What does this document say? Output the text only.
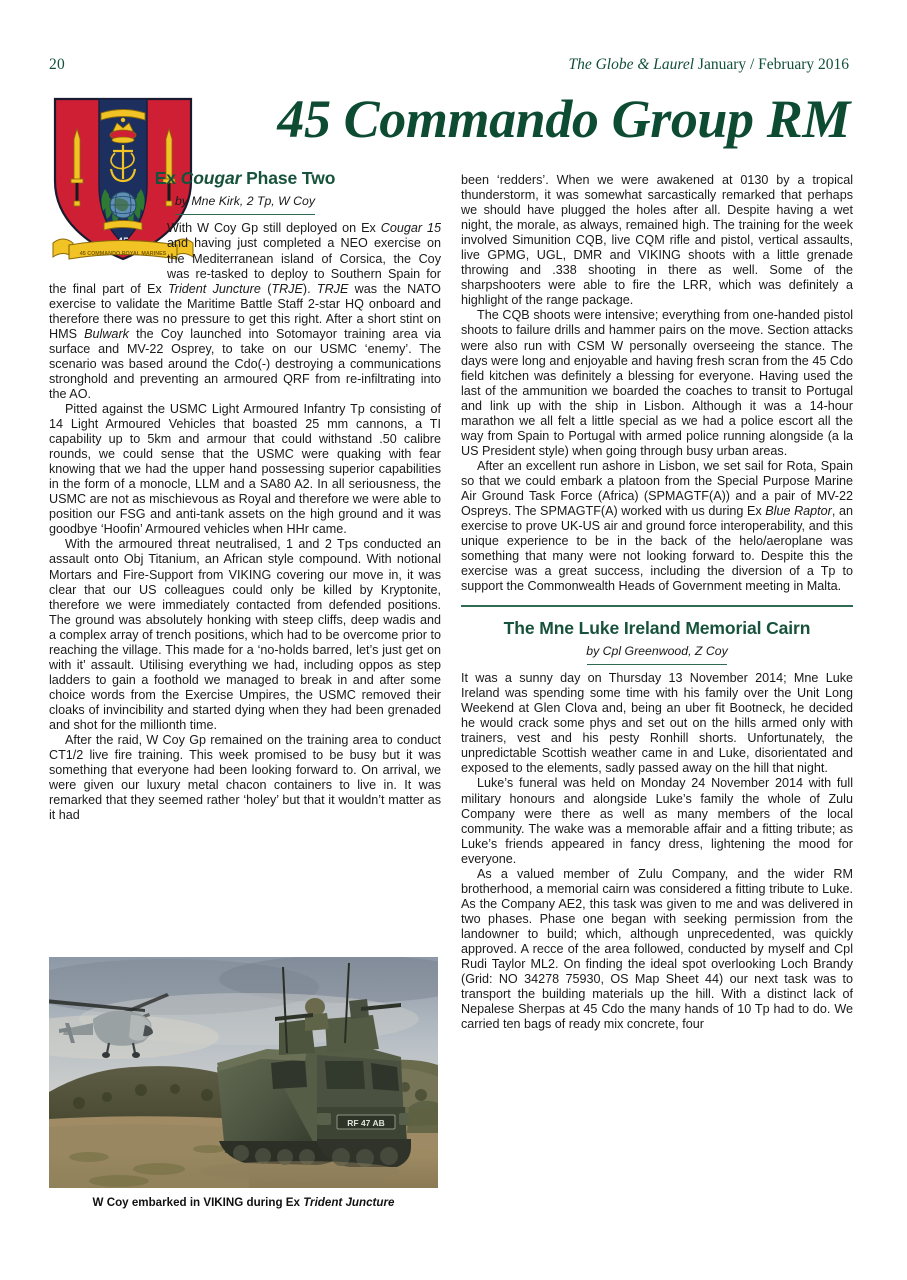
20	The Globe & Laurel January / February 2016
45 COMMANDO ROYAL MARINES
45 Commando Group RM
Ex Cougar Phase Two
by Mne Kirk, 2 Tp, W Coy

With W Coy Gp still deployed on Ex Cougar 15 and having just completed a NEO exercise on the Mediterranean island of Corsica, the Coy was re-tasked to deploy to Southern Spain for the final part of Ex Trident Juncture (TRJE). TRJE was the NATO exercise to validate the Maritime Battle Staff 2-star HQ onboard and therefore there was no pressure to get this right. After a short stint on HMS Bulwark the Coy launched into Sotomayor training area via surface and MV-22 Osprey, to take on our USMC ‘enemy’. The scenario was based around the Cdo(-) destroying a communications stronghold and preventing an armoured QRF from re-infiltrating into the AO.

Pitted against the USMC Light Armoured Infantry Tp consisting of 14 Light Armoured Vehicles that boasted 25 mm cannons, a TI capability up to 5km and armour that could withstand .50 calibre rounds, we could sense that the USMC were quaking with fear knowing that we had the upper hand possessing superior capabilities in the form of a monocle, LLM and a SA80 A2. In all seriousness, the USMC are not as mischievous as Royal and therefore we were able to position our FSG and anti-tank assets on the high ground and it was goodbye ‘Hoofin’ Armoured vehicles when HHr came.

With the armoured threat neutralised, 1 and 2 Tps conducted an assault onto Obj Titanium, an African style compound. With notional Mortars and Fire-Support from VIKING covering our move in, it was clear that our US colleagues could only be killed by Kryptonite, therefore we were immediately contacted from defended positions. The ground was absolutely honking with steep cliffs, deep wadis and a complex array of trench positions, which had to be overcome prior to reaching the village. This made for a ‘no-holds barred, let’s just get on with it’ assault. Utilising everything we had, including oppos as step ladders to gain a foothold we managed to break in and after some choice words from the Exercise Umpires, the USMC removed their cloaks of invincibility and started dying when they had been grenaded and shot for the millionth time.

After the raid, W Coy Gp remained on the training area to conduct CT1/2 live fire training. This week promised to be busy but it was something that everyone had been looking forward to. On arrival, we were given our luxury metal chacon containers to live in. It was remarked that they seemed rather ‘holey’ but that it wouldn’t matter as it had

RF 47 AB
W Coy embarked in VIKING during Ex Trident Juncture

been ‘redders’. When we were awakened at 0130 by a tropical thunderstorm, it was somewhat sarcastically remarked that perhaps we should have plugged the holes after all. Despite having a wet night, the morale, as always, remained high. The training for the week involved Simunition CQB, live CQM rifle and pistol, vertical assaults, live GPMG, UGL, DMR and VIKING shoots with a little grenade throwing and .338 shooting in there as well. Some of the sharpshooters were able to fire the LRR, which was definitely a highlight of the range package.

The CQB shoots were intensive; everything from one-handed pistol shoots to failure drills and hammer pairs on the move. Section attacks were also run with CSM W personally overseeing the stance. The days were long and enjoyable and having fresh scran from the 45 Cdo field kitchen was definitely a blessing for everyone. Having used the last of the ammunition we boarded the coaches to transit to Portugal and link up with the ship in Lisbon. Although it was a 14-hour marathon we all felt a little special as we had a police escort all the way from Spain to Portugal with armed police running alongside (a la US President style) when going through busy urban areas.

After an excellent run ashore in Lisbon, we set sail for Rota, Spain so that we could embark a platoon from the Special Purpose Marine Air Ground Task Force (Africa) (SPMAGTF(A)) and a pair of MV-22 Ospreys. The SPMAGTF(A) worked with us during Ex Blue Raptor, an exercise to prove UK-US air and ground force interoperability, and this unique experience to be in the back of the helo/aeroplane was something that many were not looking forward to. Despite this the exercise was a great success, including the diversion of a Tp to support the Commonwealth Heads of Government meeting in Malta.

The Mne Luke Ireland Memorial Cairn
by Cpl Greenwood, Z Coy

It was a sunny day on Thursday 13 November 2014; Mne Luke Ireland was spending some time with his family over the Unit Long Weekend at Glen Clova and, being an uber fit Bootneck, he decided he would crack some phys and set out on the hills armed only with trainers, vest and his pesty Ronhill shorts. Unfortunately, the unpredictable Scottish weather came in and Luke, disorientated and exposed to the elements, sadly passed away on the hill that night.

Luke’s funeral was held on Monday 24 November 2014 with full military honours and alongside Luke’s family the whole of Zulu Company were there as well as many members of the local community. The wake was a memorable affair and a fitting tribute; as Luke’s friends appeared in fancy dress, lightening the mood for everyone.

As a valued member of Zulu Company, and the wider RM brotherhood, a memorial cairn was considered a fitting tribute to Luke. As the Company AE2, this task was given to me and was delivered in two phases. Phase one began with seeking permission from the landowner to build; which, although unprecedented, was quickly approved. A recce of the area followed, conducted by myself and Cpl Rudi Taylor ML2. On finding the ideal spot overlooking Loch Brandy (Grid: NO 34278 75930, OS Map Sheet 44) our next task was to transport the building materials up the hill. With a distinct lack of Nepalese Sherpas at 45 Cdo the many hands of 10 Tp had to do. We carried ten bags of ready mix concrete, four
